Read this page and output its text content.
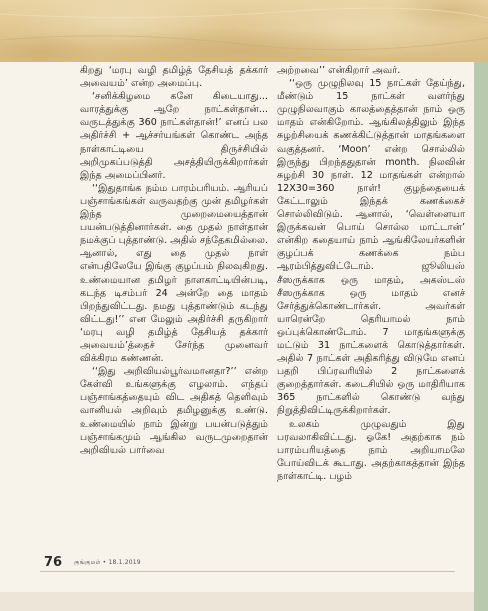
கிறது ‘மரபு வழி தமிழ்த் தேசியத் தக்கார் அவையம்’ என்ற அமைப்பு.

‘சனிக்கிழமை கனே கிடையாது... வாரத்துக்கு ஆறே நாட்கள்தான்... வருடத்துக்கு 360 நாட்கள்தான்!’ எனப் பல அதிர்ச்சி + ஆச்சர்யங்கள் கொண்ட அந்த நாள்காட்டியை திருச்சியில் அறிமுகப்படுத்தி அசத்தியிருக்கிறார்கள் இந்த அமைப்பினர்.

‘‘இதுதாங்க நம்ம பாரம்பரியம். ஆரியப் பஞ்சாங்கங்கள் வருவதற்கு முன் தமிழர்கள் இந்த முறைமையைத்தான் பயன்படுத்தினார்கள். தை முதல் நாள்தான் நமக்குப் புத்தாண்டு. அதில் சந்தேகமில்லை. ஆனால், எது தை முதல் நாள் என்பதிலேயே இங்கு குழப்பம் நிலவுகிறது. உண்மையான தமிழர் நாளகாட்டியின்படி, கடந்த டிசம்பர் 24 அன்றே தை மாதம் பிறந்துவிட்டது. நமது புத்தாண்டும் கடந்து விட்டது!’’ என மேலும் அதிர்ச்சி தருகிறார் ‘மரபு வழி தமிழ்த் தேசியத் தக்கார் அவையம்’த்தைச் சேர்ந்த முனைவர் விக்கிரம கண்ணன்.

‘‘இது அறிவியல்பூர்வமானதா?’’ என்ற கேள்வி உங்களுக்கு எழலாம். எந்தப் பஞ்சாங்கத்தையும் விட அதிகத் தெளிவும் வானியல் அறிவும் தமிழனுக்கு உண்டு. உண்மையில் நாம் இன்று பயன்படுத்தும் பஞ்சாங்கமும் ஆங்கில வருடமுறைதான் அறிவியல் பார்வை

அற்றவை’’ என்கிறார் அவர்.

‘‘ஒரு முழுநிலவு 15 நாட்கள் தேய்ந்து, மீண்டும் 15 நாட்கள் வளர்ந்து முழுநிலவாகும் காலத்தைத்தான் நாம் ஒரு மாதம் என்கிறோம். ஆங்கிலத்திலும் இந்த சுழற்சியைக் கணக்கிட்டுத்தான் மாதங்களை வகுத்தனர். ‘Moon’ என்ற சொல்லில் இருந்து பிறந்ததுதான் month. நிலவின் சுழற்சி 30 நாள். 12 மாதங்கள் என்றால் 12X30=360 நாள்! குழந்தையைக் கேட்டாலும் இந்தக் கணக்கைச் சொல்லிவிடும். ஆனால், ‘வெள்ளையா இருக்கவன் பொய் சொல்ல மாட்டான்’ என்கிற கதையாய் நாம் ஆங்கிலேயர்களின் குழப்பக் கணக்கை நம்ப ஆரம்பித்துவிட்டோம். ஜூலியஸ் சீஸருக்காக ஒரு மாதம், அகஸ்டஸ் சீஸருக்காக ஒரு மாதம் எனச் சேர்த்துக்கொண்டார்கள். அவர்கள் யாரென்றே தெரியாமல் நாம் ஒப்புக்கொண்டோம். 7 மாதங்களுக்கு மட்டும் 31 நாட்களைக் கொடுத்தார்கள். அதில் 7 நாட்கள் அதிகரித்து விடுமே எனப் பதறி பிப்ரவரியில் 2 நாட்களைக் குறைத்தார்கள். கடைசியில் ஒரு மாதிரியாக 365 நாட்களில் கொண்டு வந்து நிறுத்திவிட்டிருக்கிறார்கள்.

உலகம் முழுவதும் இது பரவலாகிவிட்டது. ஓகே! அதற்காக நம் பாரம்பரியத்தை நாம் அறியாமலே போய்விடக் கூடாது. அதற்காகத்தான் இந்த நாள்காட்டி. பழம்

76 குங்குமம் • 18.1.2019
